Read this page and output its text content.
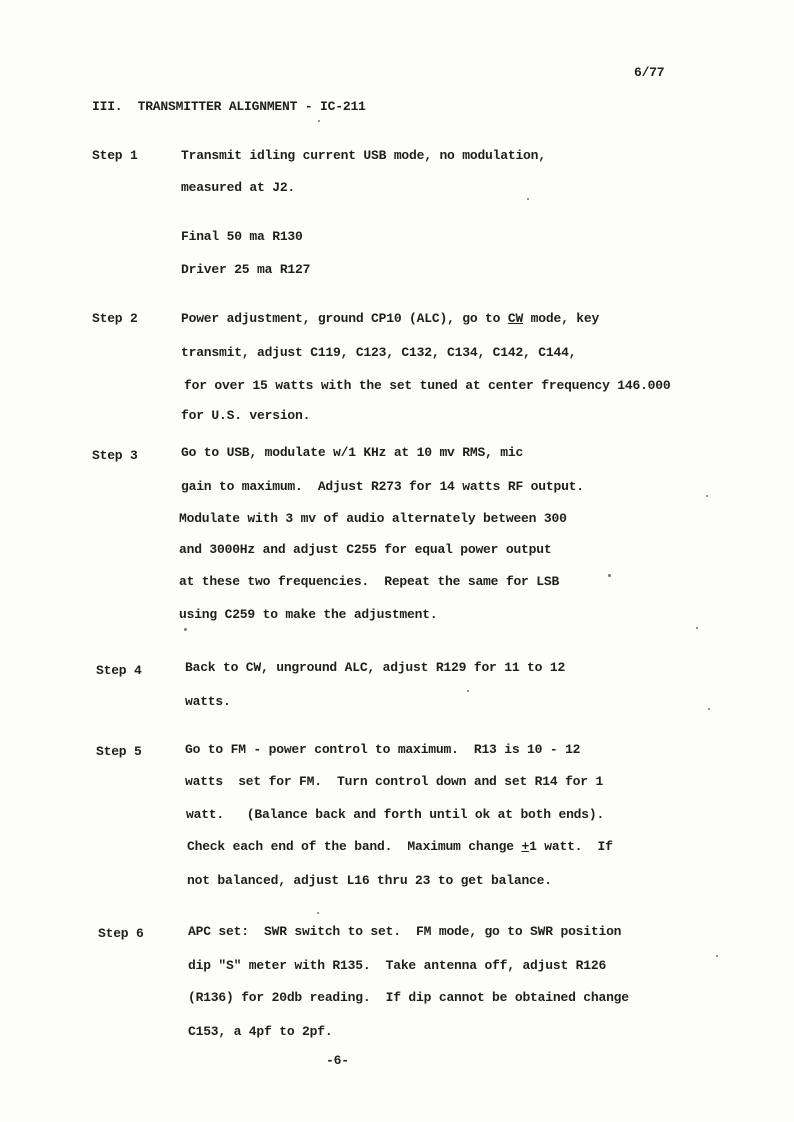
6/77
III.  TRANSMITTER ALIGNMENT - IC-211
Step 1	Transmit idling current USB mode, no modulation,
measured at J2.
Final 50 ma R130
Driver 25 ma R127
Step 2	Power adjustment, ground CP10 (ALC), go to CW mode, key
transmit, adjust C119, C123, C132, C134, C142, C144,
for over 15 watts with the set tuned at center frequency 146.000
for U.S. version.
Step 3	Go to USB, modulate w/1 KHz at 10 mv RMS, mic
gain to maximum.  Adjust R273 for 14 watts RF output.
Modulate with 3 mv of audio alternately between 300
and 3000Hz and adjust C255 for equal power output
at these two frequencies.  Repeat the same for LSB
using C259 to make the adjustment.
Step 4	Back to CW, unground ALC, adjust R129 for 11 to 12
watts.
Step 5	Go to FM - power control to maximum.  R13 is 10 - 12
watts  set for FM.  Turn control down and set R14 for 1
watt.   (Balance back and forth until ok at both ends).
Check each end of the band.  Maximum change +1 watt.  If
not balanced, adjust L16 thru 23 to get balance.
Step 6	APC set:  SWR switch to set.  FM mode, go to SWR position
dip "S" meter with R135.  Take antenna off, adjust R126
(R136) for 20db reading.  If dip cannot be obtained change
C153, a 4pf to 2pf.
-6-
